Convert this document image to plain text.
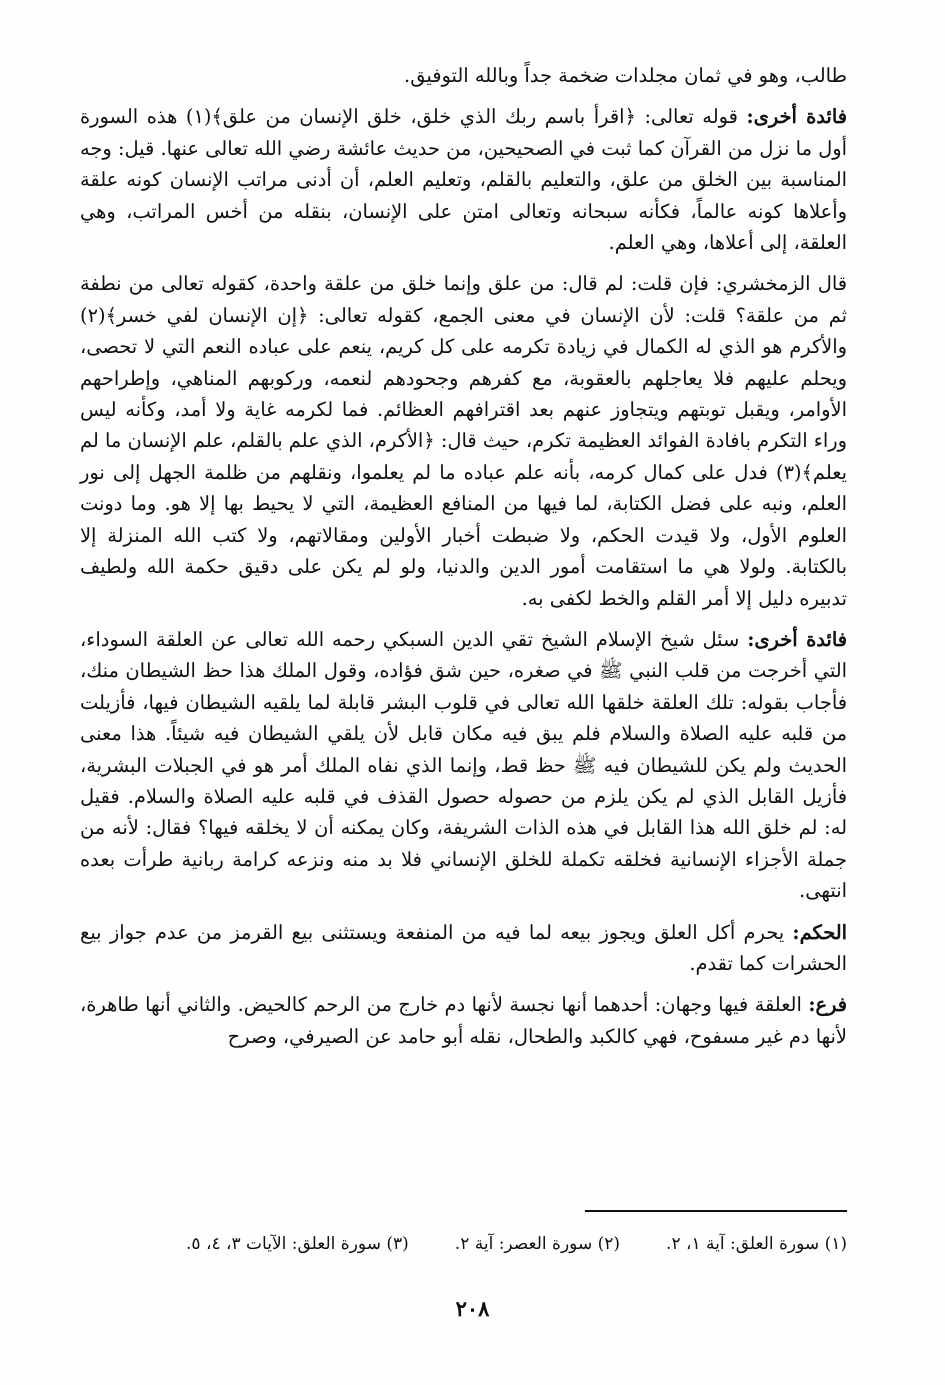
طالب، وهو في ثمان مجلدات ضخمة جداً وبالله التوفيق.

فائدة أخرى: قوله تعالى: ﴿اقرأ باسم ربك الذي خلق، خلق الإنسان من علق﴾(١) هذه السورة أول ما نزل من القرآن كما ثبت في الصحيحين، من حديث عائشة رضي الله تعالى عنها. قيل: وجه المناسبة بين الخلق من علق، والتعليم بالقلم، وتعليم العلم، أن أدنى مراتب الإنسان كونه علقة وأعلاها كونه عالماً، فكأنه سبحانه وتعالى امتن على الإنسان، بنقله من أخس المراتب، وهي العلقة، إلى أعلاها، وهي العلم.

قال الزمخشري: فإن قلت: لم قال: من علق وإنما خلق من علقة واحدة، كقوله تعالى من نطفة ثم من علقة؟ قلت: لأن الإنسان في معنى الجمع، كقوله تعالى: ﴿إن الإنسان لفي خسر﴾(٢) والأكرم هو الذي له الكمال في زيادة تكرمه على كل كريم، ينعم على عباده النعم التي لا تحصى، ويحلم عليهم فلا يعاجلهم بالعقوبة، مع كفرهم وجحودهم لنعمه، وركوبهم المناهي، وإطراحهم الأوامر، ويقبل توبتهم ويتجاوز عنهم بعد اقترافهم العظائم. فما لكرمه غاية ولا أمد، وكأنه ليس وراء التكرم بافادة الفوائد العظيمة تكرم، حيث قال: ﴿الأكرم، الذي علم بالقلم، علم الإنسان ما لم يعلم﴾(٣) فدل على كمال كرمه، بأنه علم عباده ما لم يعلموا، ونقلهم من ظلمة الجهل إلى نور العلم، ونبه على فضل الكتابة، لما فيها من المنافع العظيمة، التي لا يحيط بها إلا هو. وما دونت العلوم الأول، ولا قيدت الحكم، ولا ضبطت أخبار الأولين ومقالاتهم، ولا كتب الله المنزلة إلا بالكتابة. ولولا هي ما استقامت أمور الدين والدنيا، ولو لم يكن على دقيق حكمة الله ولطيف تدبيره دليل إلا أمر القلم والخط لكفى به.

فائدة أخرى: سئل شيخ الإسلام الشيخ تقي الدين السبكي رحمه الله تعالى عن العلقة السوداء، التي أخرجت من قلب النبي ﷺ في صغره، حين شق فؤاده، وقول الملك هذا حظ الشيطان منك، فأجاب بقوله: تلك العلقة خلقها الله تعالى في قلوب البشر قابلة لما يلقيه الشيطان فيها، فأزيلت من قلبه عليه الصلاة والسلام فلم يبق فيه مكان قابل لأن يلقي الشيطان فيه شيئاً. هذا معنى الحديث ولم يكن للشيطان فيه ﷺ حظ قط، وإنما الذي نفاه الملك أمر هو في الجبلات البشرية، فأزيل القابل الذي لم يكن يلزم من حصوله حصول القذف في قلبه عليه الصلاة والسلام. فقيل له: لم خلق الله هذا القابل في هذه الذات الشريفة، وكان يمكنه أن لا يخلقه فيها؟ فقال: لأنه من جملة الأجزاء الإنسانية فخلقه تكملة للخلق الإنساني فلا بد منه ونزعه كرامة ربانية طرأت بعده انتهى.

الحكم: يحرم أكل العلق ويجوز بيعه لما فيه من المنفعة ويستثنى بيع القرمز من عدم جواز بيع الحشرات كما تقدم.

فرع: العلقة فيها وجهان: أحدهما أنها نجسة لأنها دم خارج من الرحم كالحيض. والثاني أنها طاهرة، لأنها دم غير مسفوح، فهي كالكبد والطحال، نقله أبو حامد عن الصيرفي، وصرح

(١) سورة العلق: آية ١، ٢.
(٢) سورة العصر: آية ٢.
(٣) سورة العلق: الآيات ٣، ٤، ٥.
٢٠٨
